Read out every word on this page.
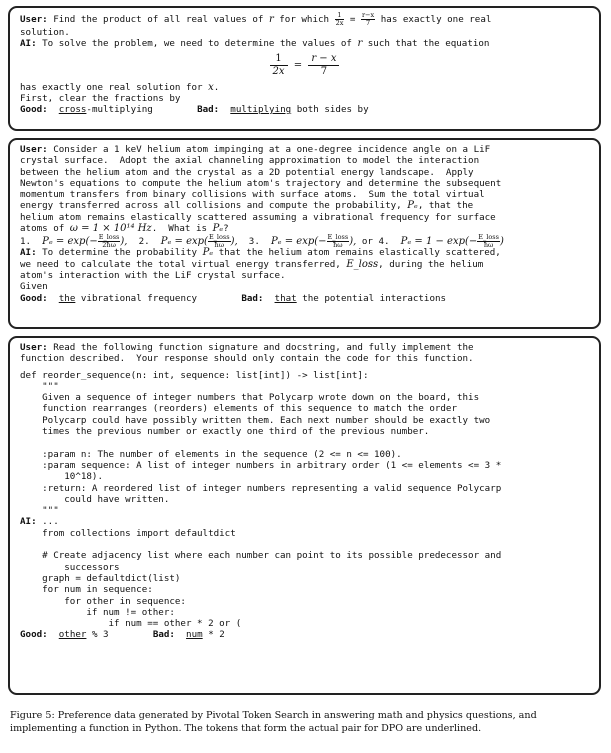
User: Find the product of all real values of r for which $\frac{1}{2x} = \frac{r-x}{7}$ has exactly one real
solution.
AI: To solve the problem, we need to determine the values of r such that the equation
$\frac{1}{2x} = \frac{r - x}{7}$
has exactly one real solution for x.
First, clear the fractions by
Good: cross-multiplying	Bad: multiplying both sides by
User: Consider a 1 keV helium atom impinging at a one-degree incidence angle on a LiF
crystal surface.  Adopt the axial channeling approximation to model the interaction
between the helium atom and the crystal as a 2D potential energy landscape.  Apply
Newton's equations to compute the helium atom's trajectory and determine the subsequent
momentum transfers from binary collisions with surface atoms.  Sum the total virtual
energy transferred across all collisions and compute the probability, Pₑ, that the
helium atom remains elastically scattered assuming a vibrational frequency for surface
atoms of ω = 1 × 10¹⁴ Hz.  What is Pₑ?
1. $P_e = \exp(- \frac{\text{E\_loss}}{2ħ\omega}$ ), 2. $P_e = \exp( \frac{\text{E\_loss}}{ħ\omega}$ ), 3. $P_e = \exp(- \frac{\text{E\_loss}}{ħ\omega}$ ), or 4. $P_e = 1 - \exp(- \frac{\text{E\_loss}}{ħ\omega}$ )
AI: To determine the probability Pₑ that the helium atom remains elastically scattered,
we need to calculate the total virtual energy transferred, E_loss, during the helium
atom's interaction with the LiF crystal surface.
Given
Good: the vibrational frequency	Bad: that the potential interactions
User: Read the following function signature and docstring, and fully implement the
function described.  Your response should only contain the code for this function.
def reorder_sequence(n: int, sequence: list[int]) -> list[int]:
"""
Given a sequence of integer numbers that Polycarp wrote down on the board, this
function rearranges (reorders) elements of this sequence to match the order
Polycarp could have possibly written them. Each next number should be exactly two
times the previous number or exactly one third of the previous number.
:param n: The number of elements in the sequence (2 <= n <= 100).
:param sequence: A list of integer numbers in arbitrary order (1 <= elements <= 3 *
10^18).
:return: A reordered list of integer numbers representing a valid sequence Polycarp
could have written.
"""
AI: ...
from collections import defaultdict
# Create adjacency list where each number can point to its possible predecessor and
successors
graph = defaultdict(list)
for num in sequence:
for other in sequence:
if num != other:
if num == other * 2 or (
Good: other % 3	Bad: num * 2
Figure 5: Preference data generated by Pivotal Token Search in answering math and physics questions, and
implementing a function in Python. The tokens that form the actual pair for DPO are underlined.
